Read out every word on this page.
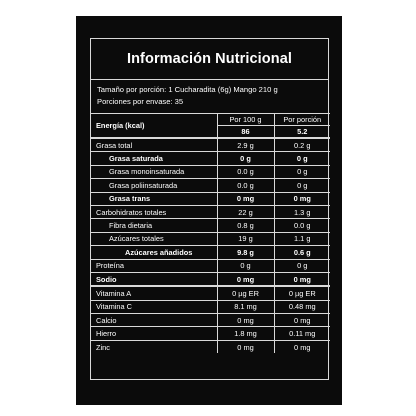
Información Nutricional
Tamaño por porción: 1 Cucharadita (6g) Mango 210 g
Porciones por envase: 35
Energía (kcal)	Por 100 g	Por porción
	86	5.2
Grasa total	2.9 g	0.2 g
Grasa saturada	0 g	0 g
Grasa monoinsaturada	0.0 g	0 g
Grasa poliinsaturada	0.0 g	0 g
Grasa trans	0 mg	0 mg
Carbohidratos totales	22 g	1.3 g
Fibra dietaria	0.8 g	0.0 g
Azúcares totales	19 g	1.1 g
Azúcares añadidos	9.8 g	0.6 g
Proteína	0 g	0 g
Sodio	0 mg	0 mg
Vitamina A	0 µg ER	0 µg ER
Vitamina C	8.1 mg	0.48 mg
Calcio	0 mg	0 mg
Hierro	1.8 mg	0.11 mg
Zinc	0 mg	0 mg
